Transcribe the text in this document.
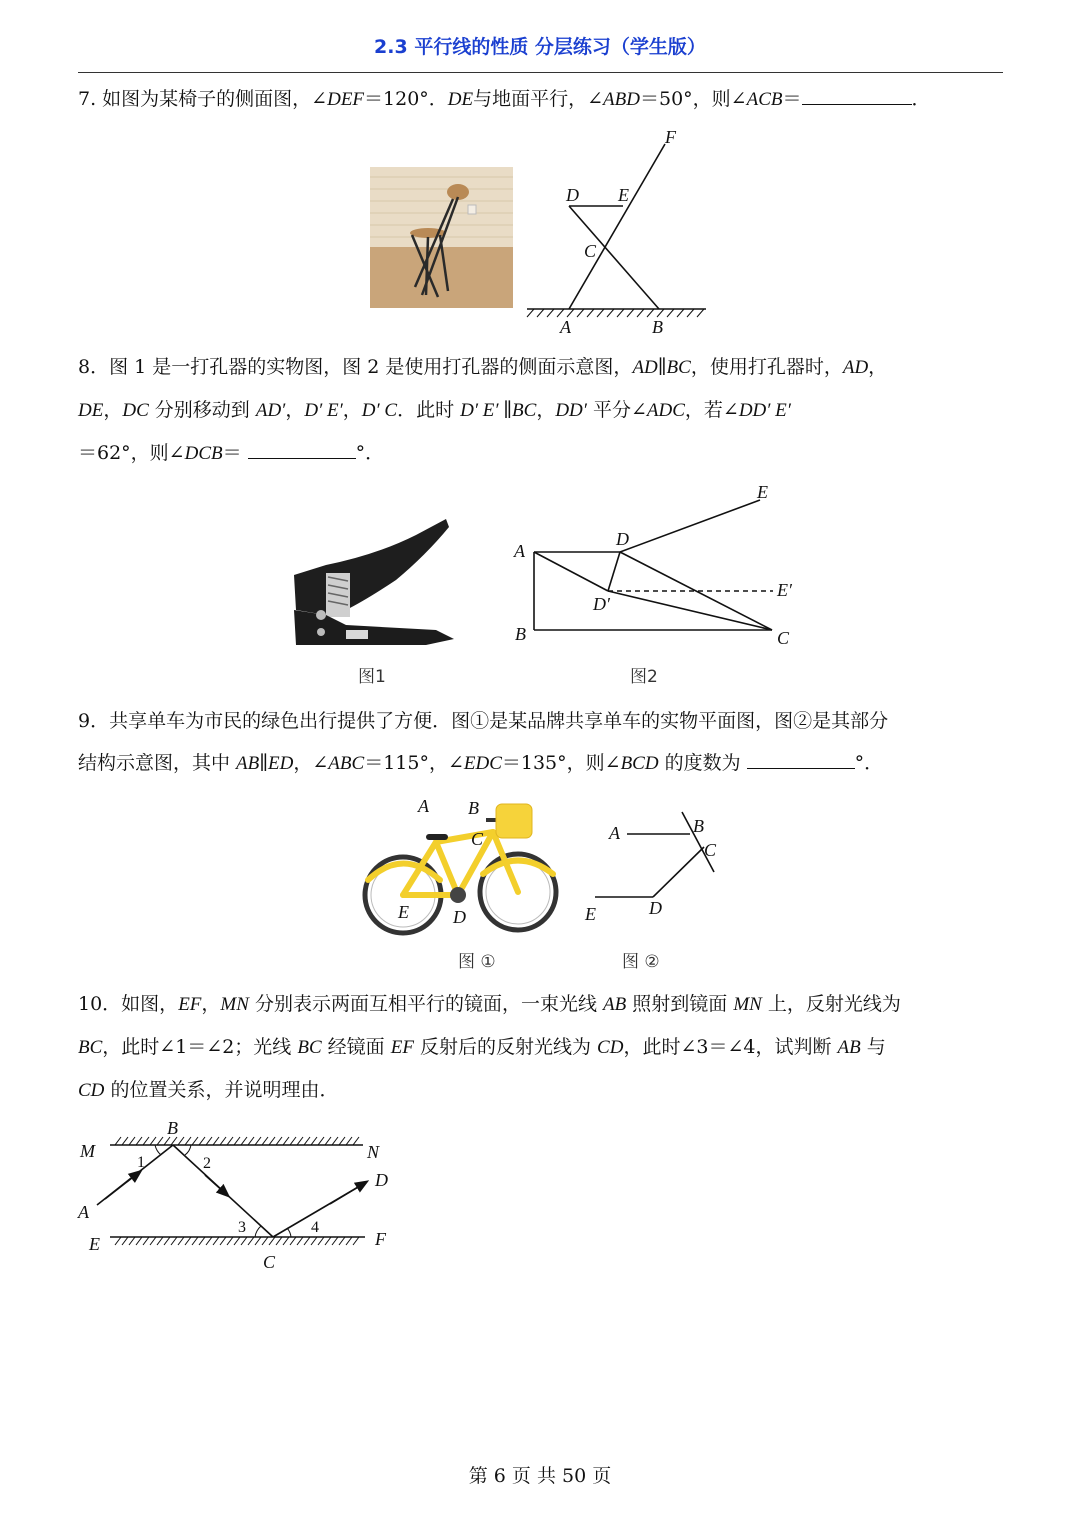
2.3 平行线的性质 分层练习（学生版）
7. 如图为某椅子的侧面图，∠DEF＝120°．DE与地面平行，∠ABD＝50°，则∠ACB＝	．
F
D E
C
A	B
8．图 1 是一打孔器的实物图，图 2 是使用打孔器的侧面示意图，AD∥BC，使用打孔器时，AD，
DE，DC 分别移动到 AD′，D′ E′，D′ C．此时 D′ E′ ∥BC，DD′ 平分∠ADC，若∠DD′ E′
＝62°，则∠DCB＝	°．
图1
A
D
E
D′
E′
B	C
图2
9．共享单车为市民的绿色出行提供了方便．图①是某品牌共享单车的实物平面图，图②是其部分
结构示意图，其中 AB∥ED，∠ABC＝115°，∠EDC＝135°，则∠BCD 的度数为	°．
A B
C
E D
图 ①
A	B
C
E	D
图 ②
10．如图，EF，MN 分别表示两面互相平行的镜面，一束光线 AB 照射到镜面 MN 上，反射光线为
BC，此时∠1＝∠2；光线 BC 经镜面 EF 反射后的反射光线为 CD，此时∠3＝∠4，试判断 AB 与
CD 的位置关系，并说明理由．
M
B
N
D
A
E	F
C
1	2
3	4
第 6 页 共 50 页
